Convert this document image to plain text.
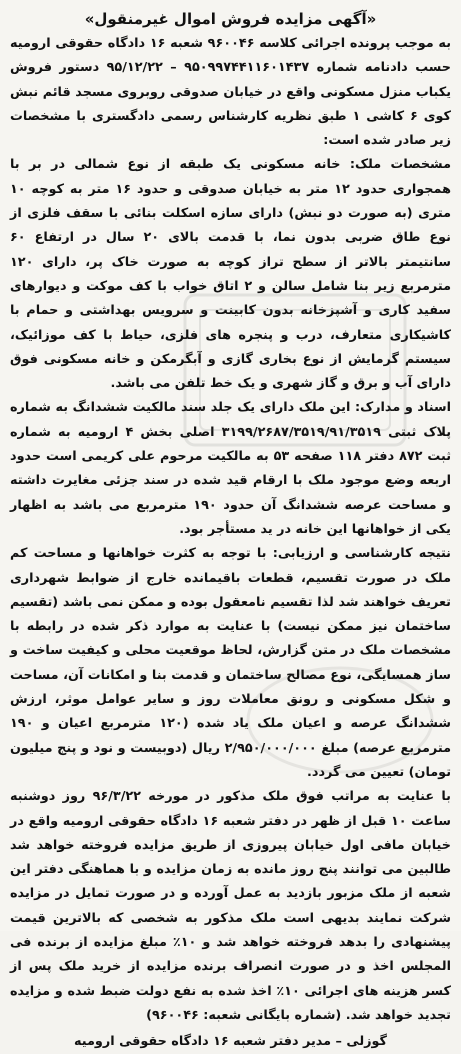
«آگهی مزایده فروش اموال غیرمنقول»

به موجب پرونده اجرائی کلاسه ۹۶۰۰۴۶ شعبه ۱۶ دادگاه حقوقی ارومیه حسب دادنامه شماره ۹۵۰۹۹۷۴۴۱۱۶۰۱۴۳۷ – ۹۵/۱۲/۲۲ دستور فروش یکباب منزل مسکونی واقع در خیابان صدوقی روبروی مسجد قائم نبش کوی ۶ کاشی ۱ طبق نظریه کارشناس رسمی دادگستری با مشخصات زیر صادر شده است:

مشخصات ملک: خانه مسکونی یک طبقه از نوع شمالی در بر با همجواری حدود ۱۲ متر به خیابان صدوقی و حدود ۱۶ متر به کوچه ۱۰ متری (به صورت دو نبش) دارای سازه اسکلت بنائی با سقف فلزی از نوع طاق ضربی بدون نما، با قدمت بالای ۲۰ سال در ارتفاع ۶۰ سانتیمتر بالاتر از سطح تراز کوچه به صورت خاک پر، دارای ۱۲۰ مترمربع زیر بنا شامل سالن و ۲ اتاق خواب با کف موکت و دیوارهای سفید کاری و آشپزخانه بدون کابینت و سرویس بهداشتی و حمام با کاشیکاری متعارف، درب و پنجره های فلزی، حیاط با کف موزائیک، سیستم گرمایش از نوع بخاری گازی و آبگرمکن و خانه مسکونی فوق دارای آب و برق و گاز شهری و یک خط تلفن می باشد.

اسناد و مدارک: این ملک دارای یک جلد سند مالکیت ششدانگ به شماره پلاک ثبتی ۳۱۹۹/۲۶۸۷/۳۵۱۹/۹۱/۳۵۱۹ اصلی بخش ۴ ارومیه به شماره ثبت ۸۷۲ دفتر ۱۱۸ صفحه ۵۳ به مالکیت مرحوم علی کریمی است حدود اربعه وضع موجود ملک با ارقام قید شده در سند جزئی مغایرت داشته و مساحت عرصه ششدانگ آن حدود ۱۹۰ مترمربع می باشد به اظهار یکی از خواهانها این خانه در ید مستأجر بود.

نتیجه کارشناسی و ارزیابی: با توجه به کثرت خواهانها و مساحت کم ملک در صورت تقسیم، قطعات باقیمانده خارج از ضوابط شهرداری تعریف خواهند شد لذا تقسیم نامعقول بوده و ممکن نمی باشد (تقسیم ساختمان نیز ممکن نیست) با عنایت به موارد ذکر شده در رابطه با مشخصات ملک در متن گزارش، لحاظ موقعیت محلی و کیفیت ساخت و ساز همسایگی، نوع مصالح ساختمان و قدمت بنا و امکانات آن، مساحت و شکل مسکونی و رونق معاملات روز و سایر عوامل موثر، ارزش ششدانگ عرصه و اعیان ملک یاد شده (۱۲۰ مترمربع اعیان و ۱۹۰ مترمربع عرصه) مبلغ ۲/۹۵۰/۰۰۰/۰۰۰ ریال (دوبیست و نود و پنج میلیون تومان) تعیین می گردد.

با عنایت به مراتب فوق ملک مذکور در مورخه ۹۶/۳/۲۲ روز دوشنبه ساعت ۱۰ قبل از ظهر در دفتر شعبه ۱۶ دادگاه حقوقی ارومیه واقع در خیابان مافی اول خیابان پیروزی از طریق مزایده فروخته خواهد شد طالبین می توانند پنج روز مانده به زمان مزایده و با هماهنگی دفتر این شعبه از ملک مزبور بازدید به عمل آورده و در صورت تمایل در مزایده شرکت نمایند بدیهی است ملک مذکور به شخصی که بالاترین قیمت پیشنهادی را بدهد فروخته خواهد شد و ۱۰٪ مبلغ مزایده از برنده فی المجلس اخذ و در صورت انصراف برنده مزایده از خرید ملک پس از کسر هزینه های اجرائی ۱۰٪ اخذ شده به نفع دولت ضبط شده و مزایده تجدید خواهد شد. (شماره بایگانی شعبه: ۹۶۰۰۴۶)

گوزلی – مدیر دفتر شعبه ۱۶ دادگاه حقوقی ارومیه
